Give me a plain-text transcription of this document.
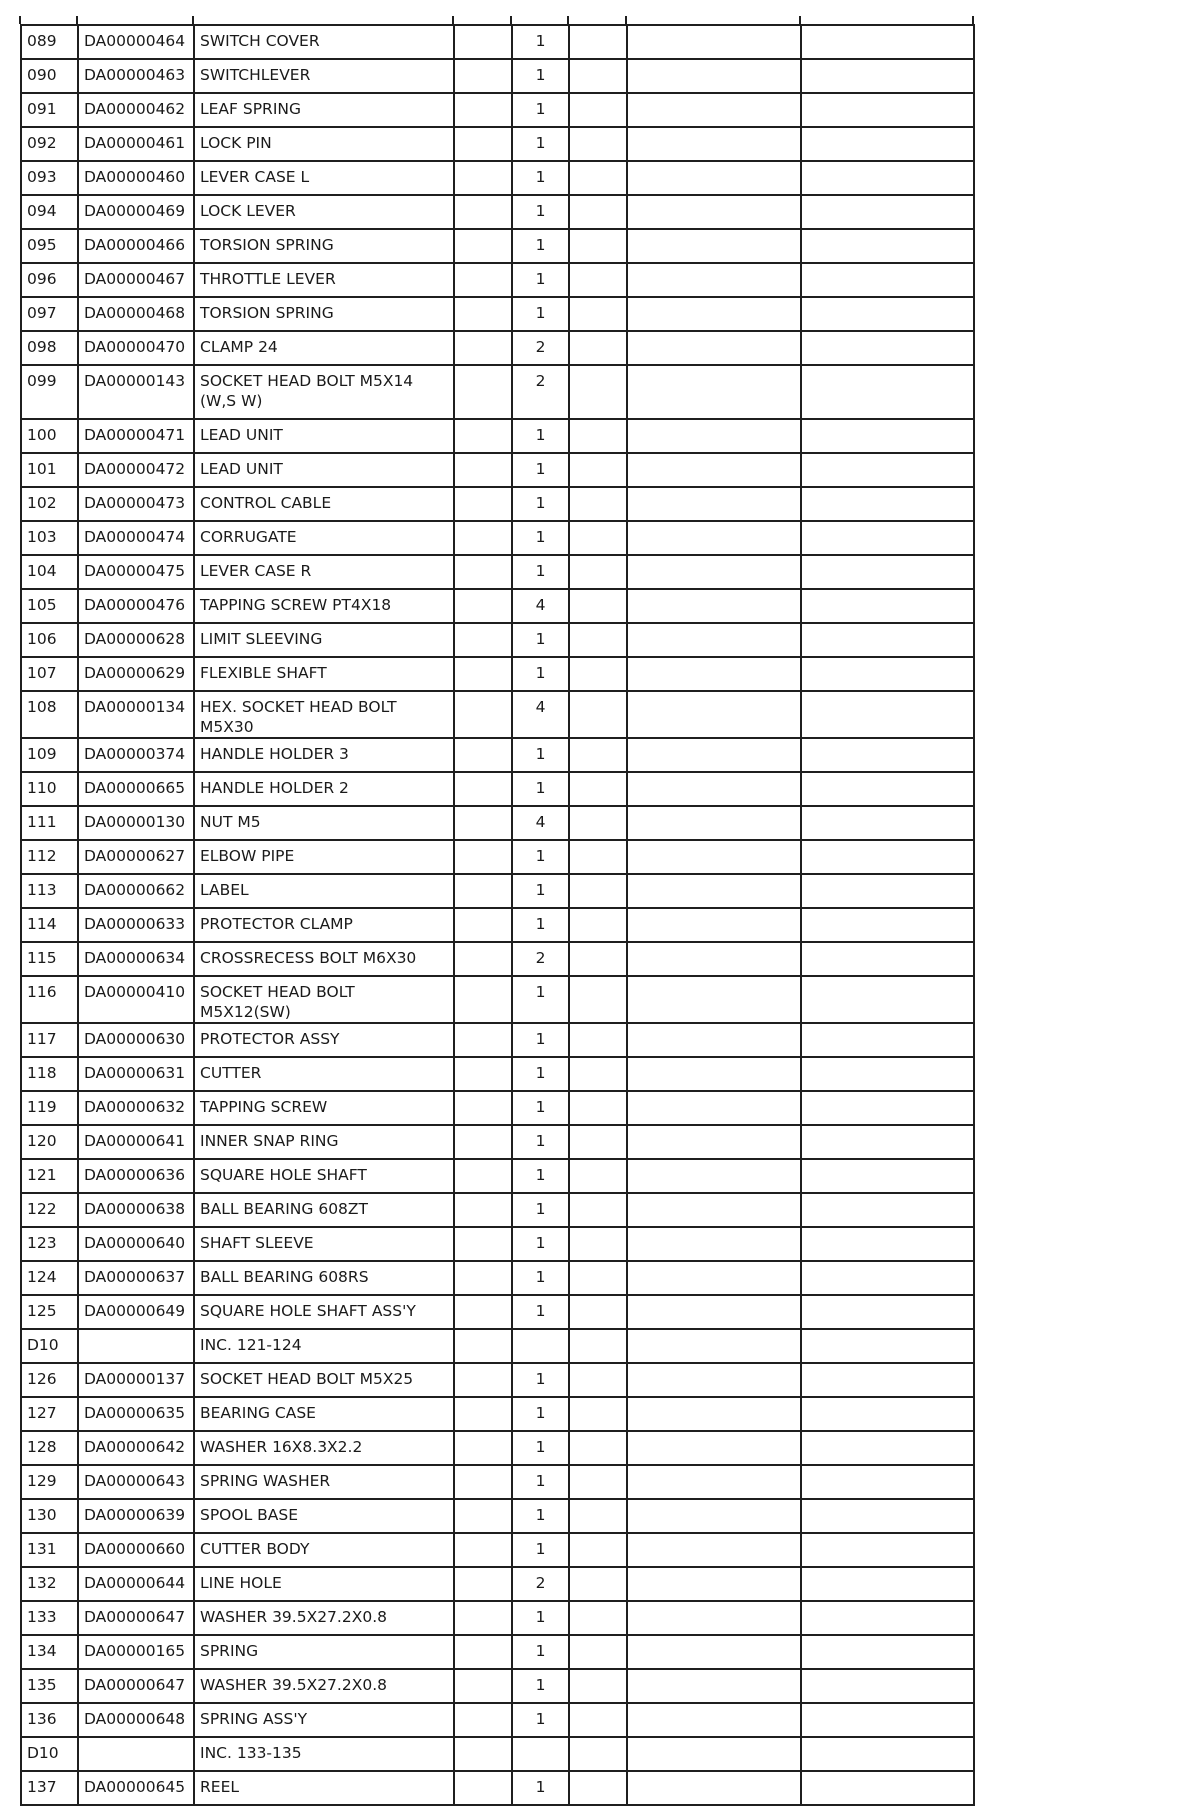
089	DA00000464	SWITCH COVER		1			
090	DA00000463	SWITCHLEVER		1			
091	DA00000462	LEAF SPRING		1			
092	DA00000461	LOCK PIN		1			
093	DA00000460	LEVER CASE L		1			
094	DA00000469	LOCK LEVER		1			
095	DA00000466	TORSION SPRING		1			
096	DA00000467	THROTTLE LEVER		1			
097	DA00000468	TORSION SPRING		1			
098	DA00000470	CLAMP 24		2			
099	DA00000143	SOCKET HEAD BOLT M5X14 (W,S W)		2			
100	DA00000471	LEAD UNIT		1			
101	DA00000472	LEAD UNIT		1			
102	DA00000473	CONTROL CABLE		1			
103	DA00000474	CORRUGATE		1			
104	DA00000475	LEVER CASE R		1			
105	DA00000476	TAPPING SCREW PT4X18		4			
106	DA00000628	LIMIT SLEEVING		1			
107	DA00000629	FLEXIBLE SHAFT		1			
108	DA00000134	HEX. SOCKET HEAD BOLT M5X30		4			
109	DA00000374	HANDLE HOLDER 3		1			
110	DA00000665	HANDLE HOLDER 2		1			
111	DA00000130	NUT M5		4			
112	DA00000627	ELBOW PIPE		1			
113	DA00000662	LABEL		1			
114	DA00000633	PROTECTOR CLAMP		1			
115	DA00000634	CROSSRECESS BOLT M6X30		2			
116	DA00000410	SOCKET HEAD BOLT M5X12(SW)		1			
117	DA00000630	PROTECTOR ASSY		1			
118	DA00000631	CUTTER		1			
119	DA00000632	TAPPING SCREW		1			
120	DA00000641	INNER SNAP RING		1			
121	DA00000636	SQUARE HOLE SHAFT		1			
122	DA00000638	BALL BEARING 608ZT		1			
123	DA00000640	SHAFT SLEEVE		1			
124	DA00000637	BALL BEARING 608RS		1			
125	DA00000649	SQUARE HOLE SHAFT ASS'Y		1			
D10		INC. 121-124					
126	DA00000137	SOCKET HEAD BOLT M5X25		1			
127	DA00000635	BEARING CASE		1			
128	DA00000642	WASHER 16X8.3X2.2		1			
129	DA00000643	SPRING WASHER		1			
130	DA00000639	SPOOL BASE		1			
131	DA00000660	CUTTER BODY		1			
132	DA00000644	LINE HOLE		2			
133	DA00000647	WASHER 39.5X27.2X0.8		1			
134	DA00000165	SPRING		1			
135	DA00000647	WASHER 39.5X27.2X0.8		1			
136	DA00000648	SPRING ASS'Y		1			
D10		INC. 133-135					
137	DA00000645	REEL		1			
